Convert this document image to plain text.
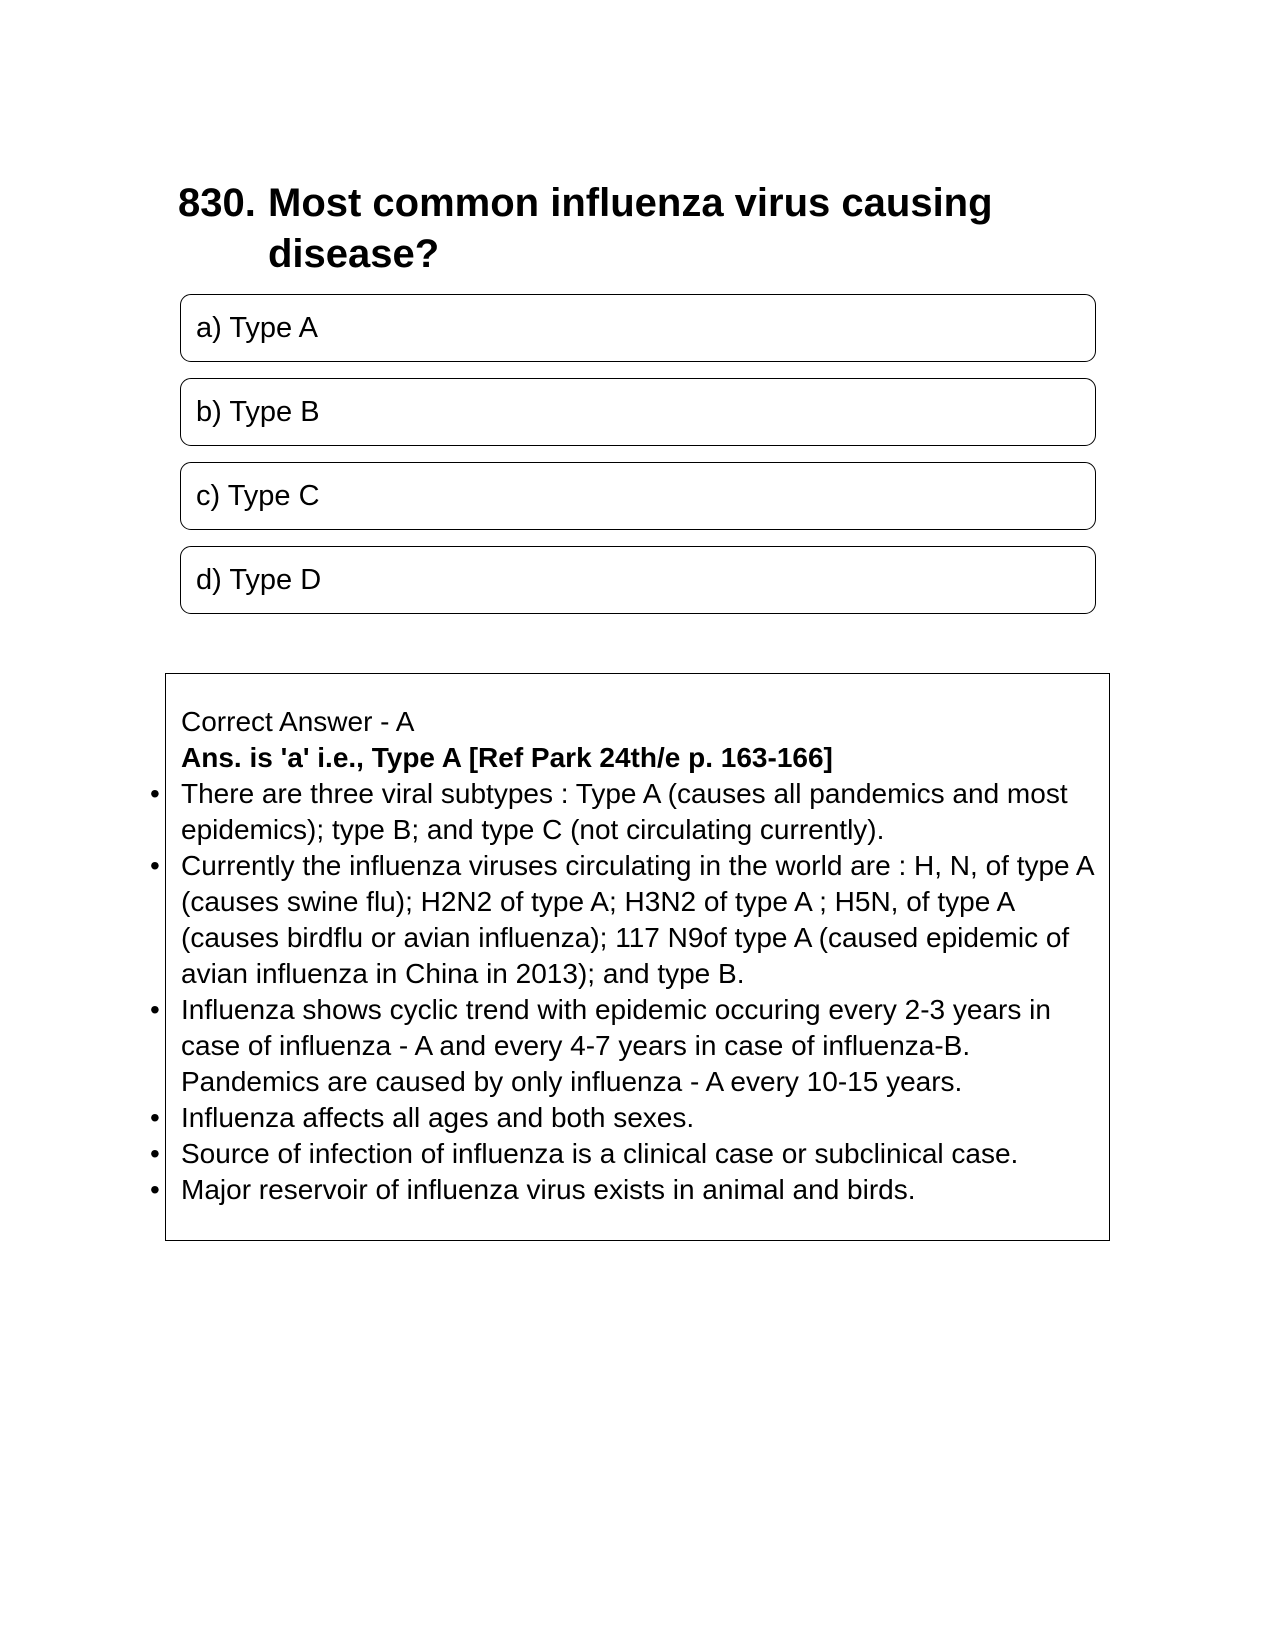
830. Most common influenza virus causing disease?
a) Type A
b) Type B
c) Type C
d) Type D
Correct Answer - A
Ans. is 'a' i.e., Type A [Ref Park 24th/e p. 163-166]
• There are three viral subtypes : Type A (causes all pandemics and most epidemics); type B; and type C (not circulating currently).
• Currently the influenza viruses circulating in the world are : H, N, of type A (causes swine flu); H2N2 of type A; H3N2 of type A ; H5N, of type A (causes birdflu or avian influenza); 117 N9of type A (caused epidemic of avian influenza in China in 2013); and type B.
• Influenza shows cyclic trend with epidemic occuring every 2-3 years in case of influenza - A and every 4-7 years in case of influenza-B. Pandemics are caused by only influenza - A every 10-15 years.
• Influenza affects all ages and both sexes.
• Source of infection of influenza is a clinical case or subclinical case.
• Major reservoir of influenza virus exists in animal and birds.
